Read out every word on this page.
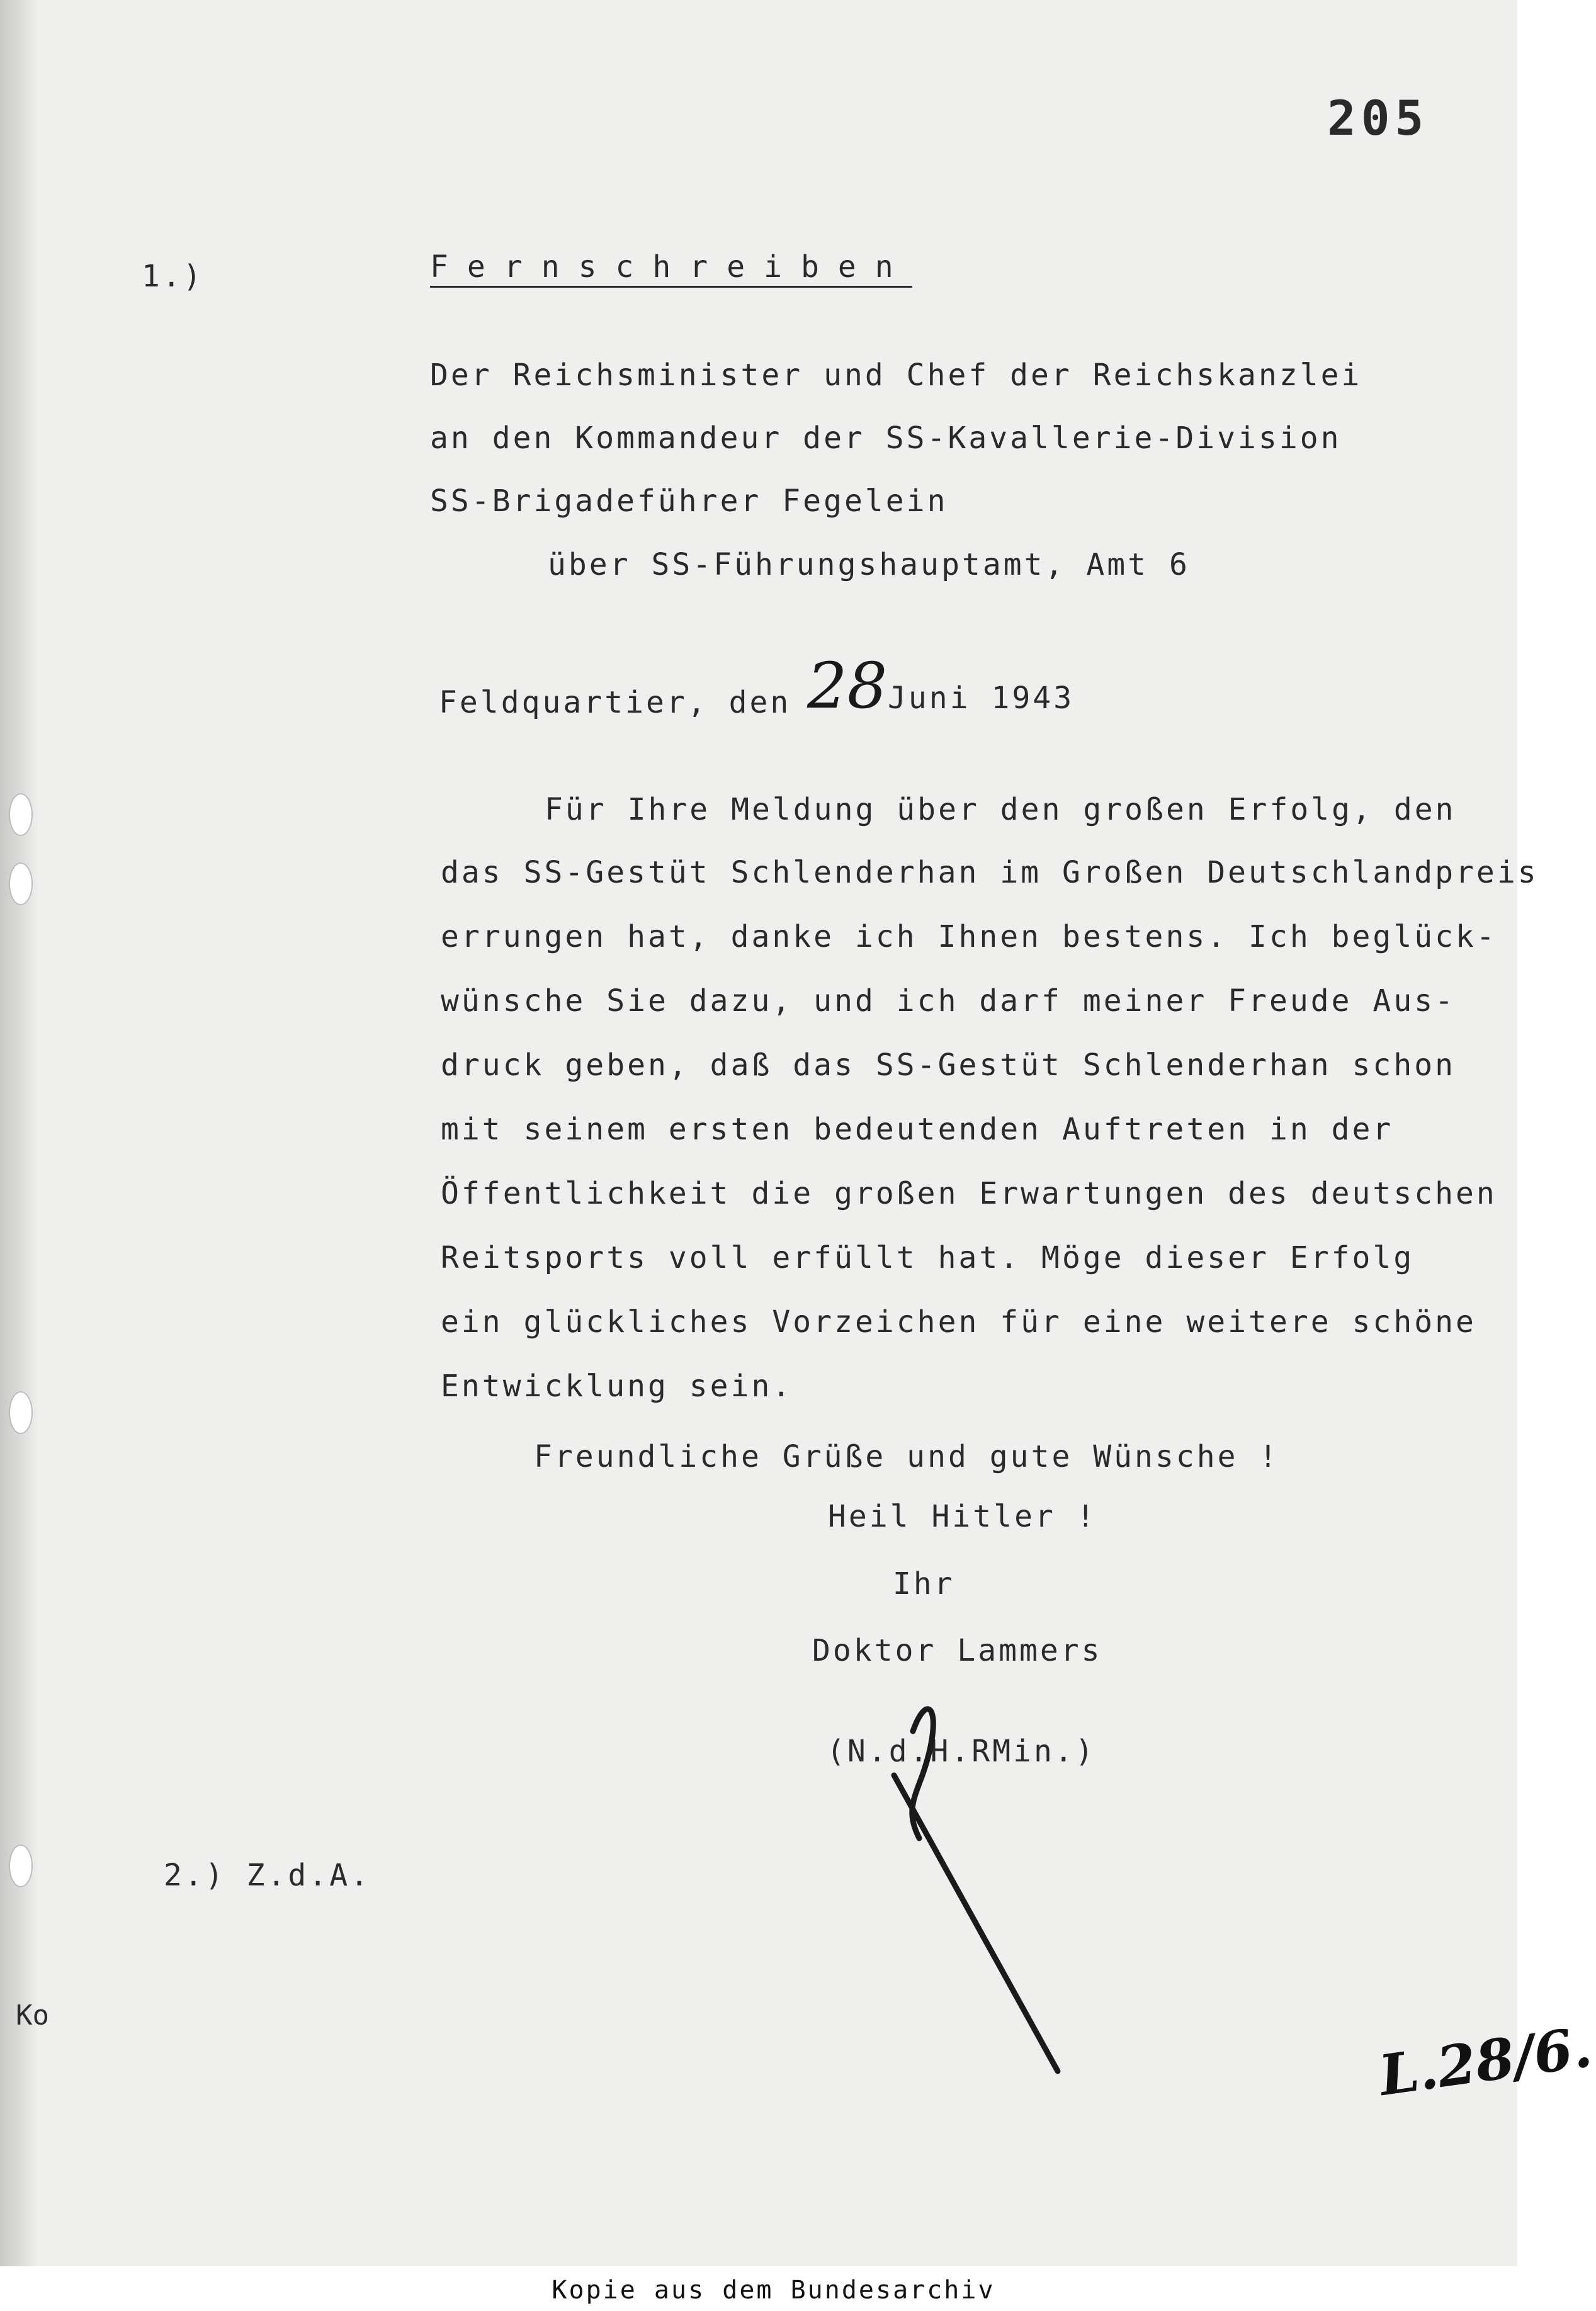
205
1.)	Fernschreiben
Der Reichsminister und Chef der Reichskanzlei
an den Kommandeur der SS-Kavallerie-Division
SS-Brigadeführer Fegelein
über SS-Führungshauptamt, Amt 6
Feldquartier, den 28 Juni 1943
Für Ihre Meldung über den großen Erfolg, den
das SS-Gestüt Schlenderhan im Großen Deutschlandpreis
errungen hat, danke ich Ihnen bestens. Ich beglück-
wünsche Sie dazu, und ich darf meiner Freude Aus-
druck geben, daß das SS-Gestüt Schlenderhan schon
mit seinem ersten bedeutenden Auftreten in der
Öffentlichkeit die großen Erwartungen des deutschen
Reitsports voll erfüllt hat. Möge dieser Erfolg
ein glückliches Vorzeichen für eine weitere schöne
Entwicklung sein.
Freundliche Grüße und gute Wünsche !
Heil Hitler !
Ihr
Doktor Lammers
(N.d.H.RMin.)
2.) Z.d.A.
Ko	L.28/6.
Kopie aus dem Bundesarchiv
